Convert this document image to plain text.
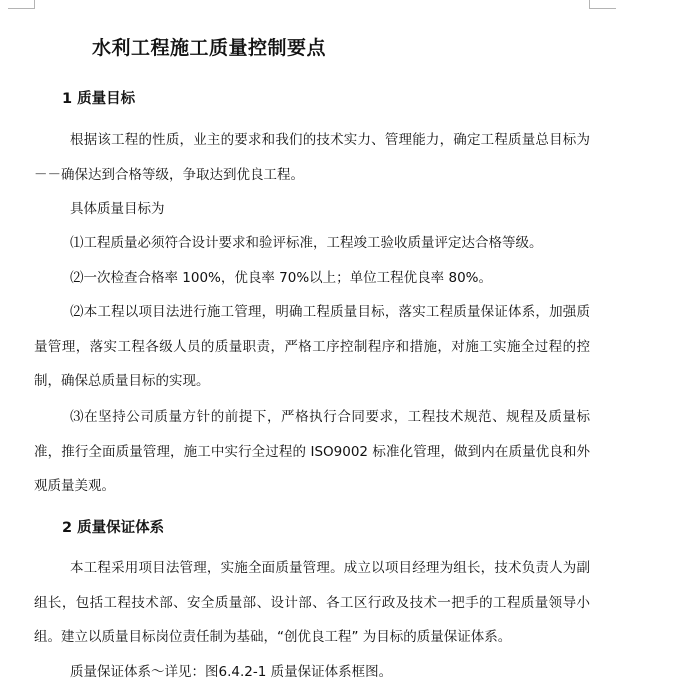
水利工程施工质量控制要点
1 质量目标

根据该工程的性质，业主的要求和我们的技术实力、管理能力，确定工程质量总目标为－－确保达到合格等级，争取达到优良工程。

具体质量目标为

⑴工程质量必须符合设计要求和验评标准，工程竣工验收质量评定达合格等级。

⑵一次检查合格率 100%，优良率 70%以上；单位工程优良率 80%。

⑵本工程以项目法进行施工管理，明确工程质量目标，落实工程质量保证体系，加强质量管理，落实工程各级人员的质量职责，严格工序控制程序和措施，对施工实施全过程的控制，确保总质量目标的实现。

⑶在坚持公司质量方针的前提下，严格执行合同要求，工程技术规范、规程及质量标准，推行全面质量管理，施工中实行全过程的 ISO9002 标准化管理，做到内在质量优良和外观质量美观。

2 质量保证体系

本工程采用项目法管理，实施全面质量管理。成立以项目经理为组长，技术负责人为副组长，包括工程技术部、安全质量部、设计部、各工区行政及技术一把手的工程质量领导小组。建立以质量目标岗位责任制为基础，“创优良工程” 为目标的质量保证体系。

质量保证体系～详见：图6.4.2-1 质量保证体系框图。
